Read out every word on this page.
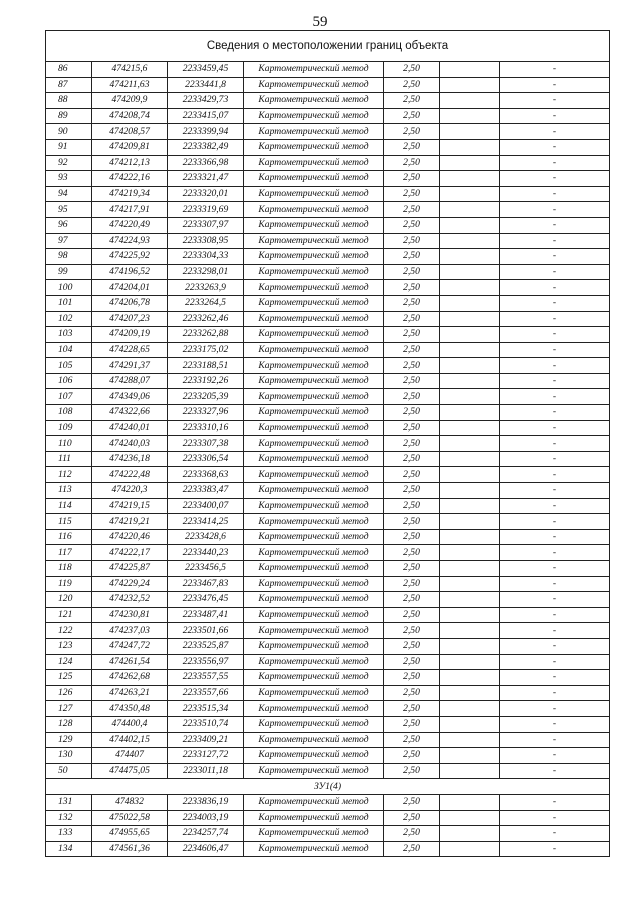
59
Сведения о местоположении границ объекта						
86	474215,6	2233459,45	Картометрический метод	2,50		-
87	474211,63	2233441,8	Картометрический метод	2,50		-
88	474209,9	2233429,73	Картометрический метод	2,50		-
89	474208,74	2233415,07	Картометрический метод	2,50		-
90	474208,57	2233399,94	Картометрический метод	2,50		-
91	474209,81	2233382,49	Картометрический метод	2,50		-
92	474212,13	2233366,98	Картометрический метод	2,50		-
93	474222,16	2233321,47	Картометрический метод	2,50		-
94	474219,34	2233320,01	Картометрический метод	2,50		-
95	474217,91	2233319,69	Картометрический метод	2,50		-
96	474220,49	2233307,97	Картометрический метод	2,50		-
97	474224,93	2233308,95	Картометрический метод	2,50		-
98	474225,92	2233304,33	Картометрический метод	2,50		-
99	474196,52	2233298,01	Картометрический метод	2,50		-
100	474204,01	2233263,9	Картометрический метод	2,50		-
101	474206,78	2233264,5	Картометрический метод	2,50		-
102	474207,23	2233262,46	Картометрический метод	2,50		-
103	474209,19	2233262,88	Картометрический метод	2,50		-
104	474228,65	2233175,02	Картометрический метод	2,50		-
105	474291,37	2233188,51	Картометрический метод	2,50		-
106	474288,07	2233192,26	Картометрический метод	2,50		-
107	474349,06	2233205,39	Картометрический метод	2,50		-
108	474322,66	2233327,96	Картометрический метод	2,50		-
109	474240,01	2233310,16	Картометрический метод	2,50		-
110	474240,03	2233307,38	Картометрический метод	2,50		-
111	474236,18	2233306,54	Картометрический метод	2,50		-
112	474222,48	2233368,63	Картометрический метод	2,50		-
113	474220,3	2233383,47	Картометрический метод	2,50		-
114	474219,15	2233400,07	Картометрический метод	2,50		-
115	474219,21	2233414,25	Картометрический метод	2,50		-
116	474220,46	2233428,6	Картометрический метод	2,50		-
117	474222,17	2233440,23	Картометрический метод	2,50		-
118	474225,87	2233456,5	Картометрический метод	2,50		-
119	474229,24	2233467,83	Картометрический метод	2,50		-
120	474232,52	2233476,45	Картометрический метод	2,50		-
121	474230,81	2233487,41	Картометрический метод	2,50		-
122	474237,03	2233501,66	Картометрический метод	2,50		-
123	474247,72	2233525,87	Картометрический метод	2,50		-
124	474261,54	2233556,97	Картометрический метод	2,50		-
125	474262,68	2233557,55	Картометрический метод	2,50		-
126	474263,21	2233557,66	Картометрический метод	2,50		-
127	474350,48	2233515,34	Картометрический метод	2,50		-
128	474400,4	2233510,74	Картометрический метод	2,50		-
129	474402,15	2233409,21	Картометрический метод	2,50		-
130	474407	2233127,72	Картометрический метод	2,50		-
50	474475,05	2233011,18	Картометрический метод	2,50		-
ЗУ1(4)						
131	474832	2233836,19	Картометрический метод	2,50		-
132	475022,58	2234003,19	Картометрический метод	2,50		-
133	474955,65	2234257,74	Картометрический метод	2,50		-
134	474561,36	2234606,47	Картометрический метод	2,50		-
